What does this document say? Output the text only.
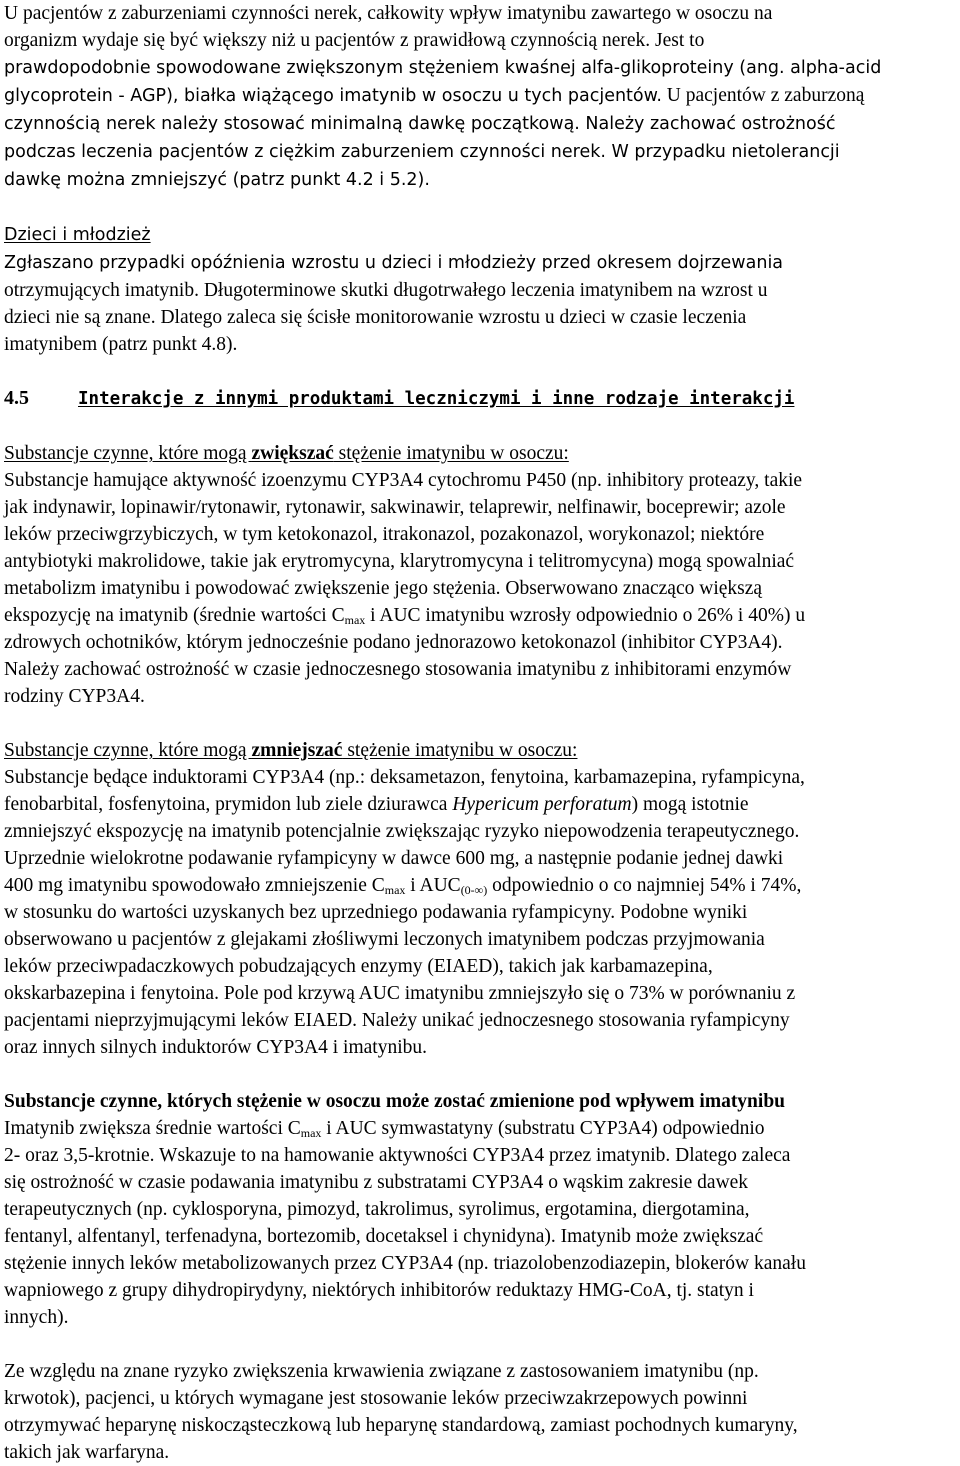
U pacjentów z zaburzeniami czynności nerek, całkowity wpływ imatynibu zawartego w osoczu na
organizm wydaje się być większy niż u pacjentów z prawidłową czynnością nerek. Jest to
prawdopodobnie spowodowane zwiększonym stężeniem kwaśnej alfa-glikoproteiny (ang. alpha-acid
glycoprotein - AGP), białka wiążącego imatynib w osoczu u tych pacjentów. U pacjentów z zaburzoną
czynnością nerek należy stosować minimalną dawkę początkową. Należy zachować ostrożność
podczas leczenia pacjentów z ciężkim zaburzeniem czynności nerek. W przypadku nietolerancji
dawkę można zmniejszyć (patrz punkt 4.2 i 5.2).

Dzieci i młodzież
Zgłaszano przypadki opóźnienia wzrostu u dzieci i młodzieży przed okresem dojrzewania
otrzymujących imatynib. Długoterminowe skutki długotrwałego leczenia imatynibem na wzrost u
dzieci nie są znane. Dlatego zaleca się ścisłe monitorowanie wzrostu u dzieci w czasie leczenia
imatynibem (patrz punkt 4.8).

4.5	Interakcje z innymi produktami leczniczymi i inne rodzaje interakcji

Substancje czynne, które mogą zwiększać stężenie imatynibu w osoczu:
Substancje hamujące aktywność izoenzymu CYP3A4 cytochromu P450 (np. inhibitory proteazy, takie
jak indynawir, lopinawir/rytonawir, rytonawir, sakwinawir, telaprewir, nelfinawir, boceprewir; azole
leków przeciwgrzybiczych, w tym ketokonazol, itrakonazol, pozakonazol, worykonazol; niektóre
antybiotyki makrolidowe, takie jak erytromycyna, klarytromycyna i telitromycyna) mogą spowalniać
metabolizm imatynibu i powodować zwiększenie jego stężenia. Obserwowano znacząco większą
ekspozycję na imatynib (średnie wartości $C_{max}$ i AUC imatynibu wzrosły odpowiednio o 26% i 40%) u
zdrowych ochotników, którym jednocześnie podano jednorazowo ketokonazol (inhibitor CYP3A4).
Należy zachować ostrożność w czasie jednoczesnego stosowania imatynibu z inhibitorami enzymów
rodziny CYP3A4.

Substancje czynne, które mogą zmniejszać stężenie imatynibu w osoczu:
Substancje będące induktorami CYP3A4 (np.: deksametazon, fenytoina, karbamazepina, ryfampicyna,
fenobarbital, fosfenytoina, prymidon lub ziele dziurawca Hypericum perforatum) mogą istotnie
zmniejszyć ekspozycję na imatynib potencjalnie zwiększając ryzyko niepowodzenia terapeutycznego.
Uprzednie wielokrotne podawanie ryfampicyny w dawce 600 mg, a następnie podanie jednej dawki
400 mg imatynibu spowodowało zmniejszenie $C_{max}$ i $AUC_{(0-\infty)}$ odpowiednio o co najmniej 54% i 74%,
w stosunku do wartości uzyskanych bez uprzedniego podawania ryfampicyny. Podobne wyniki
obserwowano u pacjentów z glejakami złośliwymi leczonych imatynibem podczas przyjmowania
leków przeciwpadaczkowych pobudzających enzymy (EIAED), takich jak karbamazepina,
okskarbazepina i fenytoina. Pole pod krzywą AUC imatynibu zmniejszyło się o 73% w porównaniu z
pacjentami nieprzyjmującymi leków EIAED. Należy unikać jednoczesnego stosowania ryfampicyny
oraz innych silnych induktorów CYP3A4 i imatynibu.

Substancje czynne, których stężenie w osoczu może zostać zmienione pod wpływem imatynibu
Imatynib zwiększa średnie wartości $C_{max}$ i AUC symwastatyny (substratu CYP3A4) odpowiednio
2- oraz 3,5-krotnie. Wskazuje to na hamowanie aktywności CYP3A4 przez imatynib. Dlatego zaleca
się ostrożność w czasie podawania imatynibu z substratami CYP3A4 o wąskim zakresie dawek
terapeutycznych (np. cyklosporyna, pimozyd, takrolimus, syrolimus, ergotamina, diergotamina,
fentanyl, alfentanyl, terfenadyna, bortezomib, docetaksel i chynidyna). Imatynib może zwiększać
stężenie innych leków metabolizowanych przez CYP3A4 (np. triazolobenzodiazepin, blokerów kanału
wapniowego z grupy dihydropirydyny, niektórych inhibitorów reduktazy HMG-CoA, tj. statyn i
innych).

Ze względu na znane ryzyko zwiększenia krwawienia związane z zastosowaniem imatynibu (np.
krwotok), pacjenci, u których wymagane jest stosowanie leków przeciwzakrzepowych powinni
otrzymywać heparynę niskocząsteczkową lub heparynę standardową, zamiast pochodnych kumaryny,
takich jak warfaryna.
